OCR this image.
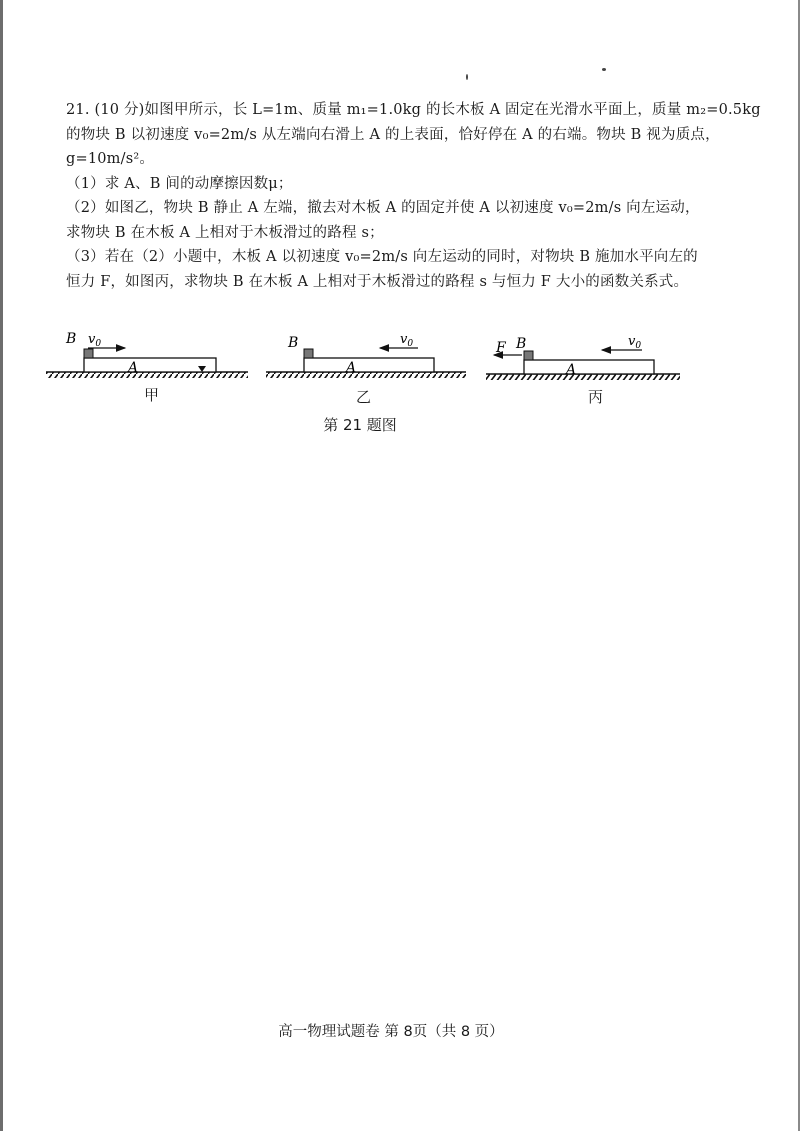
21. (10 分)如图甲所示，长 L=1m、质量 m₁=1.0kg 的长木板 A 固定在光滑水平面上，质量 m₂=0.5kg
的物块 B 以初速度 v₀=2m/s 从左端向右滑上 A 的上表面，恰好停在 A 的右端。物块 B 视为质点，
g=10m/s²。
（1）求 A、B 间的动摩擦因数μ；
（2）如图乙，物块 B 静止 A 左端，撤去对木板 A 的固定并使 A 以初速度 v₀=2m/s 向左运动，
求物块 B 在木板 A 上相对于木板滑过的路程 s；
（3）若在（2）小题中，木板 A 以初速度 v₀=2m/s 向左运动的同时，对物块 B 施加水平向左的
恒力 F，如图丙，求物块 B 在木板 A 上相对于木板滑过的路程 s 与恒力 F 大小的函数关系式。
B $v_0$
A
B	$v_0$
A
B
F	$v_0$
A
甲	乙	丙
第 21 题图
高一物理试题卷 第 8页（共 8 页）
